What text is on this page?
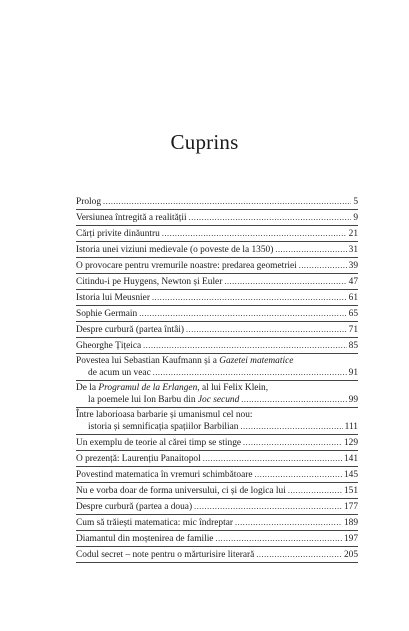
Cuprins
Prolog .....	5
Versiunea întregită a realității .....	9
Cărți privite dinăuntru .....	21
Istoria unei viziuni medievale (o poveste de la 1350) .....	31
O provocare pentru vremurile noastre: predarea geometriei .....	39
Citindu-i pe Huygens, Newton și Euler .....	47
Istoria lui Meusnier .....	61
Sophie Germain .....	65
Despre curbură (partea întâi) .....	71
Gheorghe Țițeica .....	85
Povestea lui Sebastian Kaufmann și a Gazetei matematice
de acum un veac .....	91
De la Programul de la Erlangen, al lui Felix Klein,
la poemele lui Ion Barbu din Joc secund .....	99
Între laborioasa barbarie și umanismul cel nou:
istoria și semnificația spațiilor Barbilian .....	111
Un exemplu de teorie al cărei timp se stinge .....	129
O prezență: Laurențiu Panaitopol .....	141
Povestind matematica în vremuri schimbătoare .....	145
Nu e vorba doar de forma universului, ci și de logica lui .....	151
Despre curbură (partea a doua) .....	177
Cum să trăiești matematica: mic îndreptar .....	189
Diamantul din moștenirea de familie .....	197
Codul secret – note pentru o mărturisire literară .....	205
